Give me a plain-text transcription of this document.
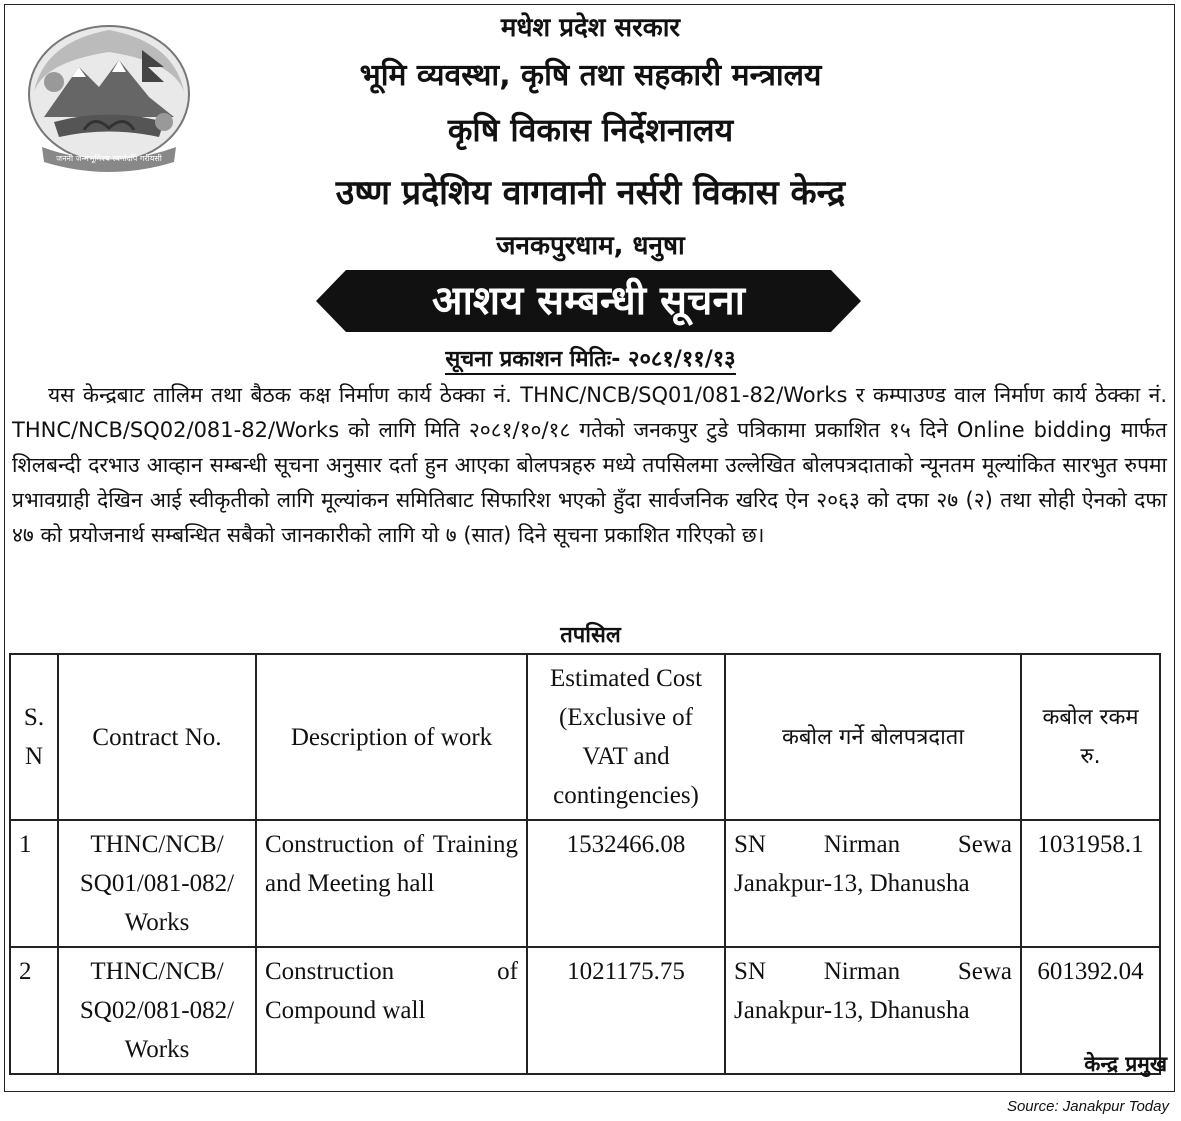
जननी जन्मभूमिश्च स्वर्गादपि गरीयसी
मधेश प्रदेश सरकार
भूमि व्यवस्था, कृषि तथा सहकारी मन्त्रालय
कृषि विकास निर्देशनालय
उष्ण प्रदेशिय वागवानी नर्सरी विकास केन्द्र
जनकपुरधाम, धनुषा
आशय सम्बन्धी सूचना
सूचना प्रकाशन मितिः- २०८१/११/१३
यस केन्द्रबाट तालिम तथा बैठक कक्ष निर्माण कार्य ठेक्का नं. THNC/NCB/SQ01/081-82/Works र कम्पाउण्ड वाल निर्माण कार्य ठेक्का नं. THNC/NCB/SQ02/081-82/Works को लागि मिति २०८१/१०/१८ गतेको जनकपुर टुडे पत्रिकामा प्रकाशित १५ दिने Online bidding मार्फत शिलबन्दी दरभाउ आव्हान सम्बन्धी सूचना अनुसार दर्ता हुन आएका बोलपत्रहरु मध्ये तपसिलमा उल्लेखित बोलपत्रदाताको न्यूनतम मूल्यांकित सारभुत रुपमा प्रभावग्राही देखिन आई स्वीकृतीको लागि मूल्यांकन समितिबाट सिफारिश भएको हुँदा सार्वजनिक खरिद ऐन २०६३ को दफा २७ (२) तथा सोही ऐनको दफा ४७ को प्रयोजनार्थ सम्बन्धित सबैको जानकारीको लागि यो ७ (सात) दिने सूचना प्रकाशित गरिएको छ।
तपसिल
S. N	Contract No.	Description of work	Estimated Cost (Exclusive of VAT and contingencies)	कबोल गर्ने बोलपत्रदाता	कबोल रकम रु.
1	THNC/NCB/ SQ01/081-082/ Works	Construction of Training and Meeting hall	1532466.08	SN Nirman Sewa Janakpur-13, Dhanusha	1031958.1
2	THNC/NCB/ SQ02/081-082/ Works	Construction of Compound wall	1021175.75	SN Nirman Sewa Janakpur-13, Dhanusha	601392.04
केन्द्र प्रमुख
Source: Janakpur Today
